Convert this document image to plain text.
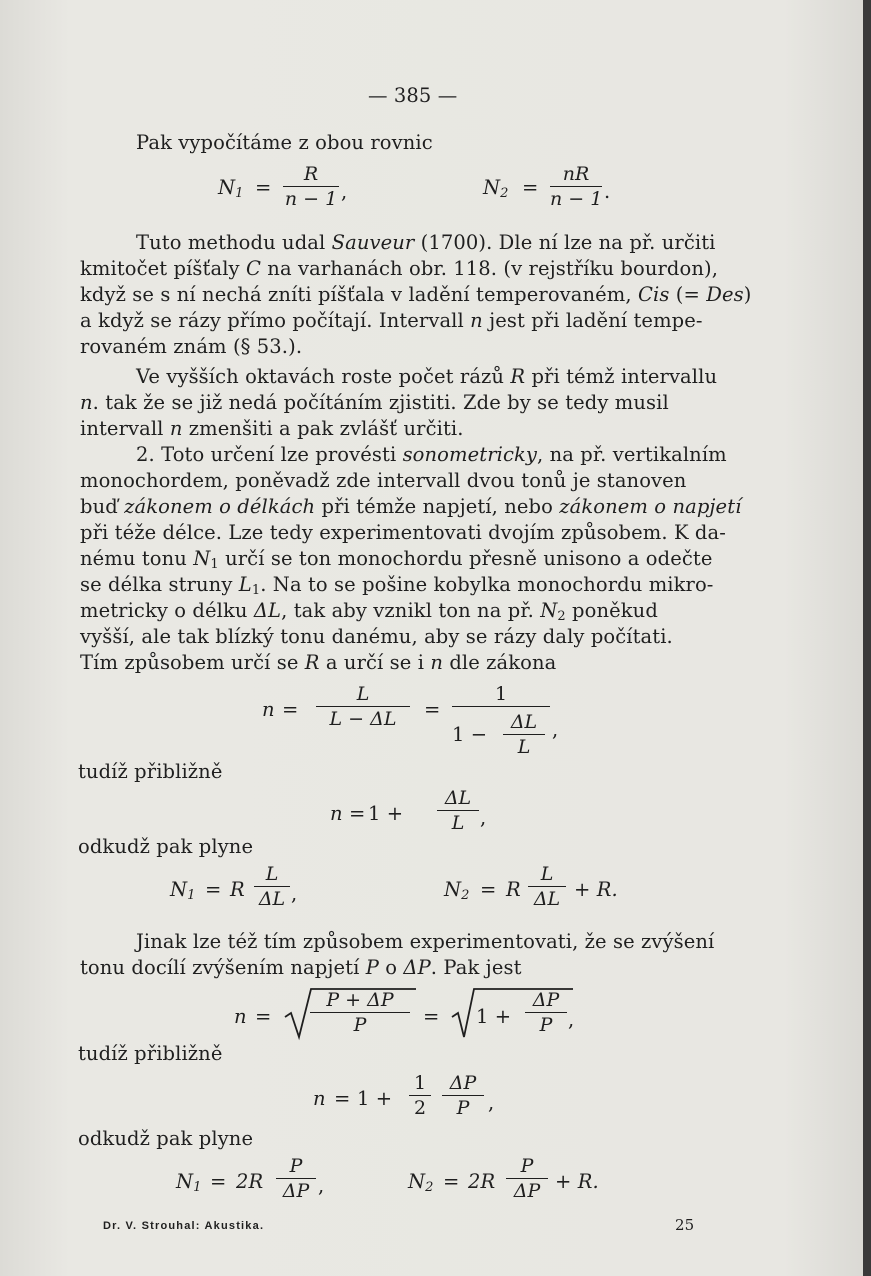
— 385 —
Pak vypočítáme z obou rovnic
$N_1$ =
R
n − 1 ,	$N_2$ =
nR
n − 1 .
Tuto methodu udal Sauveur (1700). Dle ní lze na př. určiti
kmitočet píšťaly C na varhanách obr. 118. (v rejstříku bourdon),
když se s ní nechá zníti píšťala v ladění temperovaném, Cis (= Des)
a když se rázy přímo počítají. Intervall n jest při ladění tempe-
rovaném znám (§ 53.).
Ve vyšších oktavách roste počet rázů R při témž intervallu
n. tak že se již nedá počítáním zjistiti. Zde by se tedy musil
intervall n zmenšiti a pak zvlášť určiti.
2. Toto určení lze provésti sonometricky, na př. vertikalním
monochordem, poněvadž zde intervall dvou tonů je stanoven
buď zákonem o délkách při témže napjetí, nebo zákonem o napjetí
při téže délce. Lze tedy experimentovati dvojím způsobem. K da-
nému tonu $N_1$ určí se ton monochordu přesně unisono a odečte
se délka struny $L_1$. Na to se pošine kobylka monochordu mikro-
metricky o délku ΔL, tak aby vznikl ton na př. $N_2$ poněkud
vyšší, ale tak blízký tonu danému, aby se rázy daly počítati.
Tím způsobem určí se R a určí se i n dle zákona
n =
L
L − ΔL	=
1
1 −
ΔL
L
,
tudíž přibližně
n = 1 +
ΔL
L ,
odkudž pak plyne
$N_1 = R$
L
ΔL ,	$N_2 = R$
L
ΔL + R.
Jinak lze též tím způsobem experimentovati, že se zvýšení
tonu docílí zvýšením napjetí P o ΔP. Pak jest
n =
P + ΔP
P	= 1 +
ΔP
P ,
tudíž přibližně
n = 1 +
1
2
ΔP
P ,
odkudž pak plyne
$N_1 = 2R$
P
ΔP ,	$N_2 = 2R$
P
ΔP + R.
Dr. V. Strouhal: Akustika.	25
